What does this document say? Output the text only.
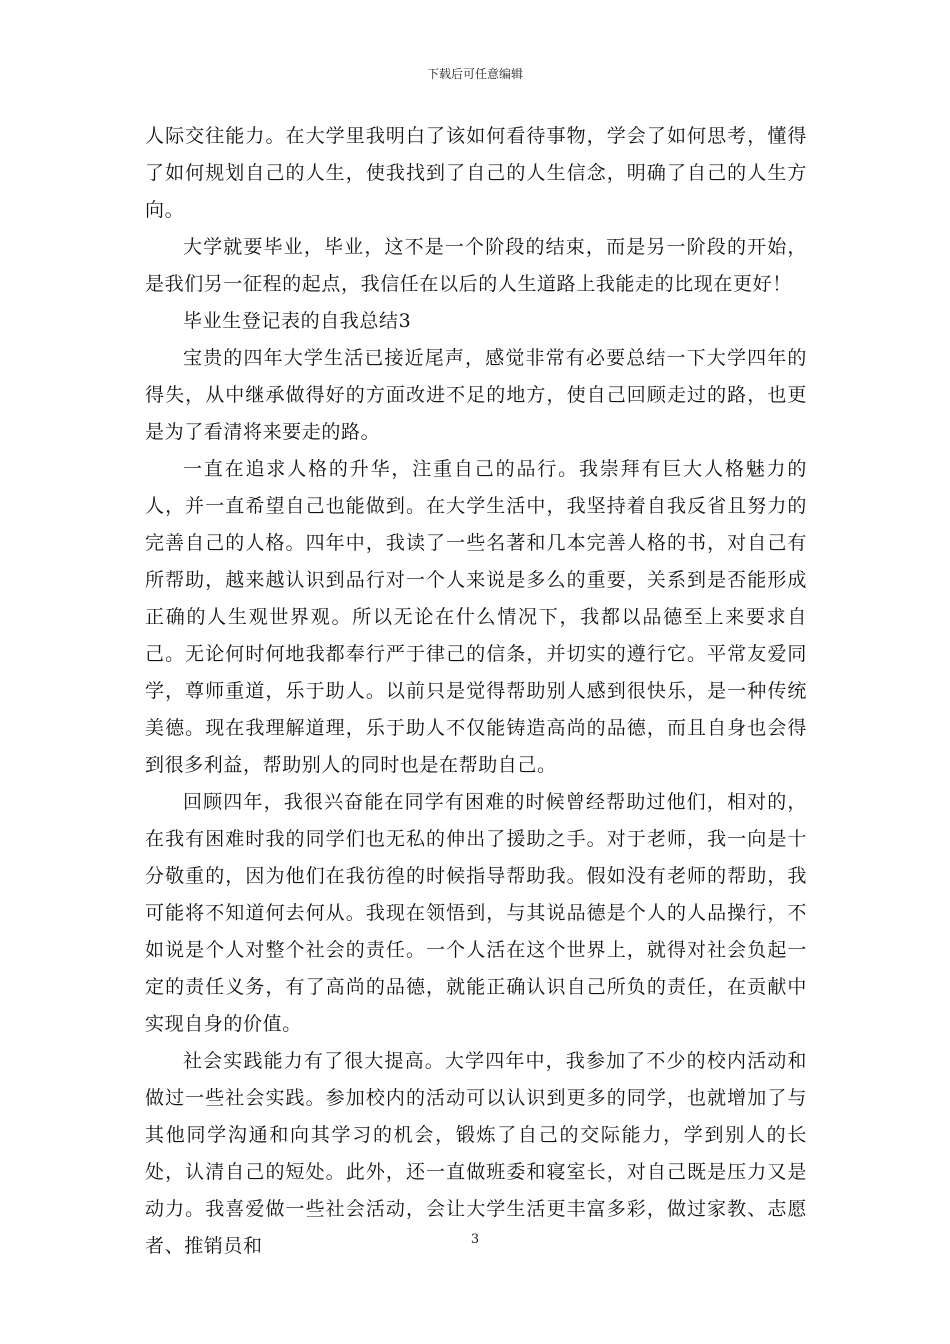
下载后可任意编辑

人际交往能力。在大学里我明白了该如何看待事物，学会了如何思考，懂得了如何规划自己的人生，使我找到了自己的人生信念，明确了自己的人生方向。

大学就要毕业，毕业，这不是一个阶段的结束，而是另一阶段的开始，是我们另一征程的起点，我信任在以后的人生道路上我能走的比现在更好！

毕业生登记表的自我总结3

宝贵的四年大学生活已接近尾声，感觉非常有必要总结一下大学四年的得失，从中继承做得好的方面改进不足的地方，使自己回顾走过的路，也更是为了看清将来要走的路。

一直在追求人格的升华，注重自己的品行。我崇拜有巨大人格魅力的人，并一直希望自己也能做到。在大学生活中，我坚持着自我反省且努力的完善自己的人格。四年中，我读了一些名著和几本完善人格的书，对自己有所帮助，越来越认识到品行对一个人来说是多么的重要，关系到是否能形成正确的人生观世界观。所以无论在什么情况下，我都以品德至上来要求自己。无论何时何地我都奉行严于律己的信条，并切实的遵行它。平常友爱同学，尊师重道，乐于助人。以前只是觉得帮助别人感到很快乐，是一种传统美德。现在我理解道理，乐于助人不仅能铸造高尚的品德，而且自身也会得到很多利益，帮助别人的同时也是在帮助自己。

回顾四年，我很兴奋能在同学有困难的时候曾经帮助过他们，相对的，在我有困难时我的同学们也无私的伸出了援助之手。对于老师，我一向是十分敬重的，因为他们在我彷徨的时候指导帮助我。假如没有老师的帮助，我可能将不知道何去何从。我现在领悟到，与其说品德是个人的人品操行，不如说是个人对整个社会的责任。一个人活在这个世界上，就得对社会负起一定的责任义务，有了高尚的品德，就能正确认识自己所负的责任，在贡献中实现自身的价值。

社会实践能力有了很大提高。大学四年中，我参加了不少的校内活动和做过一些社会实践。参加校内的活动可以认识到更多的同学，也就增加了与其他同学沟通和向其学习的机会，锻炼了自己的交际能力，学到别人的长处，认清自己的短处。此外，还一直做班委和寝室长，对自己既是压力又是动力。我喜爱做一些社会活动，会让大学生活更丰富多彩，做过家教、志愿者、推销员和	3
